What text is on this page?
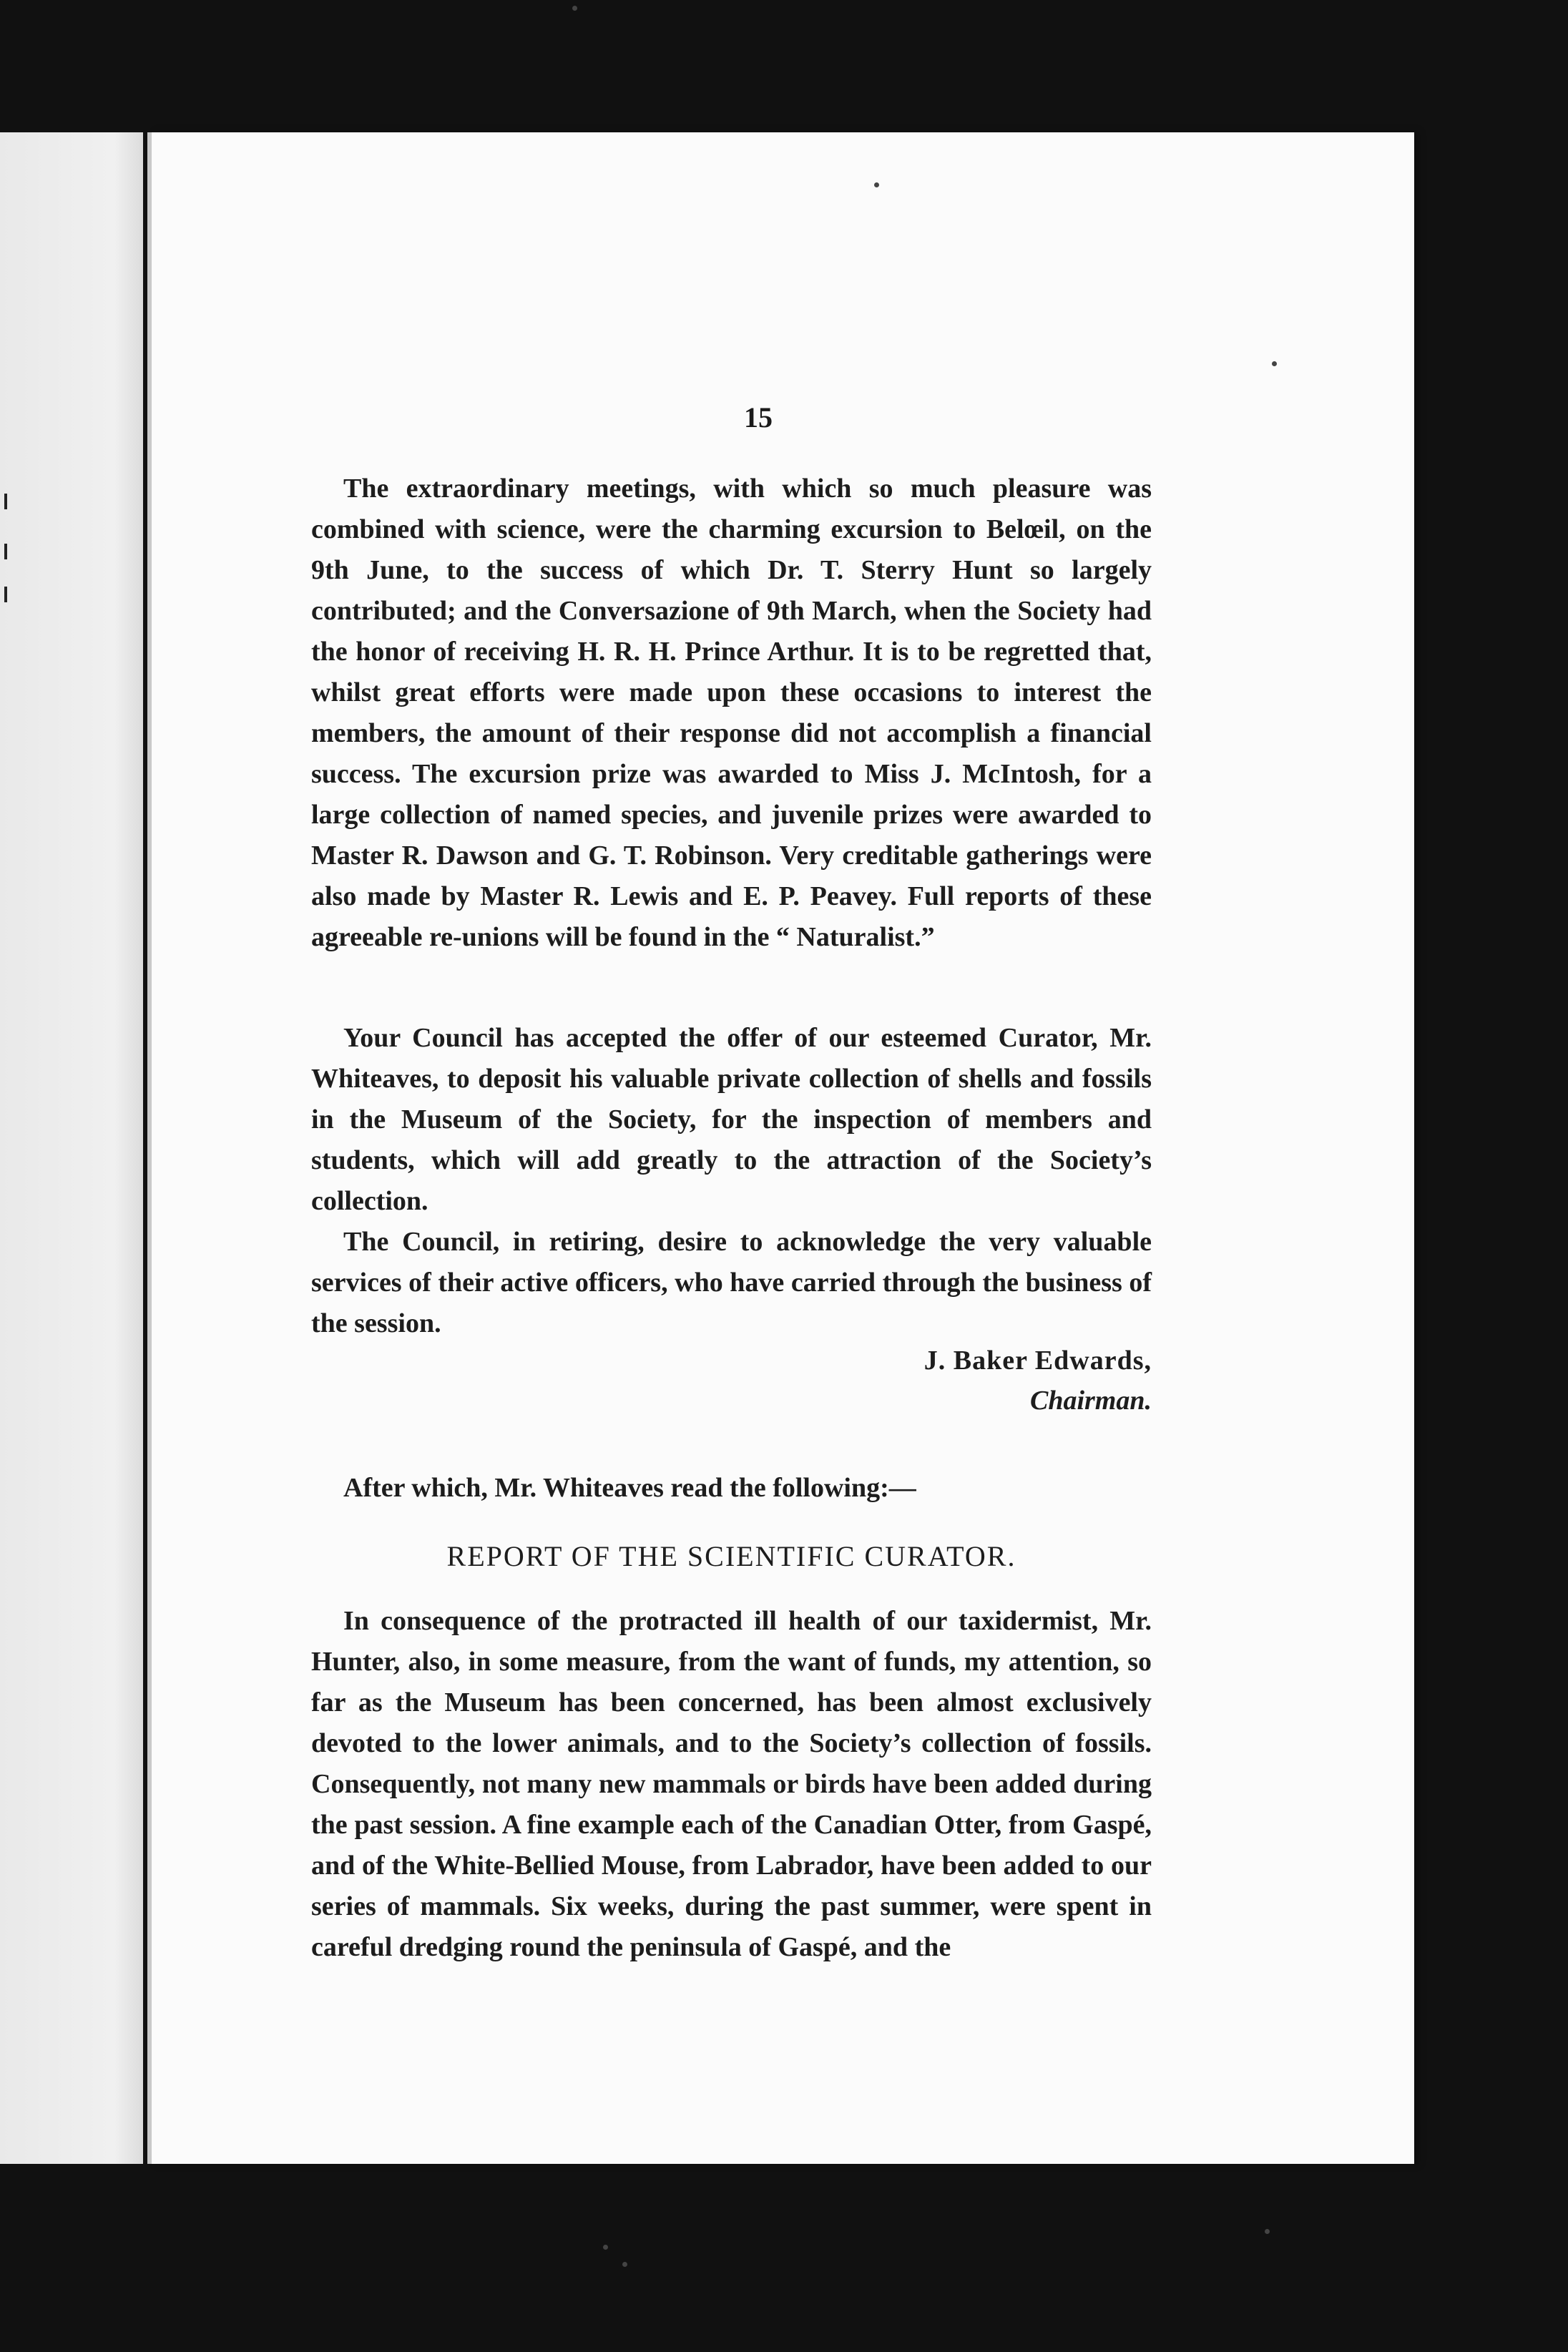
15

The extraordinary meetings, with which so much pleasure was combined with science, were the charming excursion to Belœil, on the 9th June, to the success of which Dr. T. Sterry Hunt so largely contributed; and the Conversazione of 9th March, when the Society had the honor of receiving H. R. H. Prince Arthur. It is to be regretted that, whilst great efforts were made upon these occasions to interest the members, the amount of their response did not accomplish a financial success. The excursion prize was awarded to Miss J. McIntosh, for a large collection of named species, and juvenile prizes were awarded to Master R. Dawson and G. T. Robinson. Very creditable gatherings were also made by Master R. Lewis and E. P. Peavey. Full reports of these agreeable re-unions will be found in the “ Naturalist.”

Your Council has accepted the offer of our esteemed Curator, Mr. Whiteaves, to deposit his valuable private collection of shells and fossils in the Museum of the Society, for the inspection of members and students, which will add greatly to the attraction of the Society’s collection.

The Council, in retiring, desire to acknowledge the very valuable services of their active officers, who have carried through the business of the session.

J. Baker Edwards,
Chairman.
After which, Mr. Whiteaves read the following:—
REPORT OF THE SCIENTIFIC CURATOR.

In consequence of the protracted ill health of our taxidermist, Mr. Hunter, also, in some measure, from the want of funds, my attention, so far as the Museum has been concerned, has been almost exclusively devoted to the lower animals, and to the Society’s collection of fossils. Consequently, not many new mammals or birds have been added during the past session. A fine example each of the Canadian Otter, from Gaspé, and of the White-Bellied Mouse, from Labrador, have been added to our series of mammals. Six weeks, during the past summer, were spent in careful dredging round the peninsula of Gaspé, and the
